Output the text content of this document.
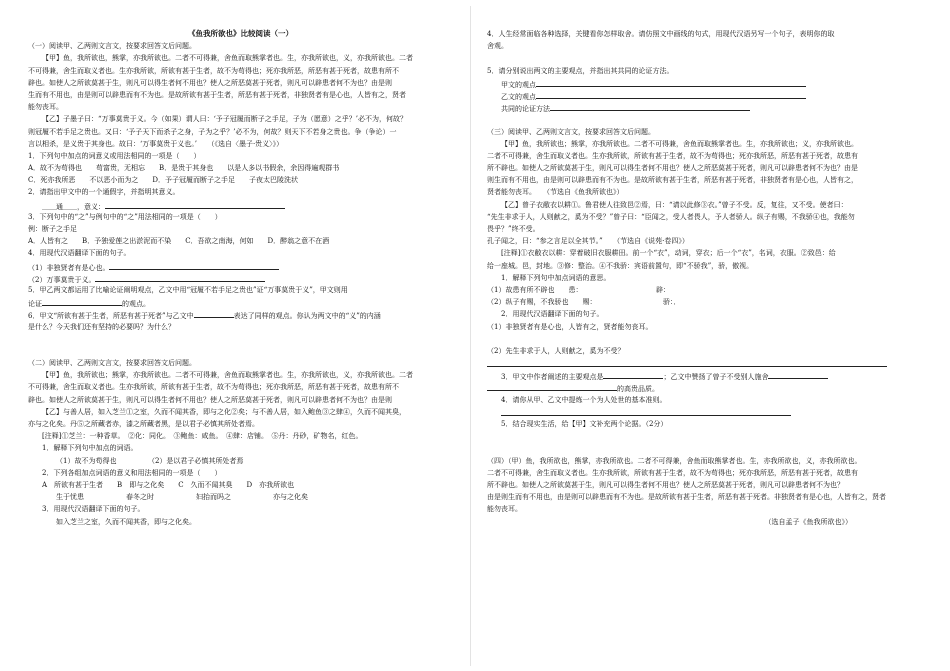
《鱼我所欲也》比较阅读（一）
（一）阅读甲、乙两则文言文，按要求回答文后问题。
【甲】鱼，我所欲也，熊掌，亦我所欲也。二者不可得兼，舍鱼而取熊掌者也。生，亦我所欲也，义，亦我所欲也。二者
不可得兼，舍生而取义者也。生亦我所欲，所欲有甚于生者，故不为苟得也；死亦我所恶，所恶有甚于死者，故患有所不
辟也。如使人之所欲莫甚于生，则凡可以得生者何不用也？使人之所恶莫甚于死者，则凡可以辟患者何不为也？由是则
生而有不用也，由是则可以辟患而有不为也。是故所欲有甚于生者，所恶有甚于死者，非独贤者有是心也，人皆有之，贤者
能勿丧耳。
【乙】子墨子曰：“万事莫贵于义。今（如果）谓人曰：‘予子冠履而断子之手足，子为（愿意）之乎？’必不为，何故？
则冠履不若手足之贵也。又曰：‘予子天下而杀子之身，子为之乎？’必不为，何故？则天下不若身之贵也。争（争论）一
言以相杀，是义贵于其身也。故曰：‘万事莫贵于义也。’　　（《选自〈墨子·贵义〉》）
1．下列句中加点的词意义或用法相同的一项是（　　）
A．故不为苟得也　　苟富贵，无相忘　　B．是贵于其身也　　以是人多以书假余，余因得遍观群书
C．死亦我所恶　　不以恶小而为之　　D．予子冠履而断子之手足　　子夜太巴陵洗状
2．请指出甲文中的一个通假字，并指明其意义。
＿＿通＿＿，意义：
3．下列句中的“之”与例句中的“之”用法相同的一项是（　　）
例：断子之手足
A．人皆有之　　B．予独爱莲之出淤泥而不染　　C．吾欲之南海，何如　　D．醉翁之意不在酒
4．用现代汉语翻译下面的句子。
（1）非独贤者有是心也。
（2）万事莫贵于义。
5．甲乙两文都运用了比喻论证阐明观点，乙文中用“冠履不若手足之贵也”证“万事莫贵于义”，甲文则用
论证	的观点。
6．甲文“所欲有甚于生者，所恶有甚于死者”与乙文中	表达了同样的观点。你认为两文中的“义”的内涵
是什么？今天我们还有坚持的必要吗？为什么？
（二）阅读甲、乙两则文言文，按要求回答文后问题。
【甲】鱼，我所欲也；熊掌，亦我所欲也。二者不可得兼，舍鱼而取熊掌者也。生，亦我所欲也，义，亦我所欲也。二者
不可得兼，舍生而取义者也。生亦我所欲，所欲有甚于生者，故不为苟得也；死亦我所恶，所恶有甚于死者，故患有所不
辟也。如使人之所欲莫甚于生，则凡可以得生者何不用也？使人之所恶莫甚于死者，则凡可以辟患者何不为也？由是则
【乙】与善人居，如入芝兰①之室，久而不闻其香，即与之化②矣；与不善人居，如入鲍鱼③之肆④，久而不闻其臭，
亦与之化矣。丹⑤之所藏者赤，漆之所藏者黑，是以君子必慎其所处者焉。
[注释]①芝兰：一种香草。　②化：同化。　③鲍鱼：咸鱼。　④肆：店铺。　⑤丹：丹砂，矿物名，红色。
1．解释下列句中加点的词语。
（1）故不为苟得也　　　　　（2）是以君子必慎其所处者焉
2．下列各组加点词语的意义和用法相同的一项是（　　）
A　所欲有甚于生者　　B　即与之化矣　　C　久而不闻其臭　　D　亦我所欲也
生于忧患　　　　　　春冬之时　　　　　　妇抬而吗之　　　　　　亦与之化矣
3．用现代汉语翻译下面的句子。
如入芝兰之室，久而不闻其香，即与之化矣。
4．人生经常面临各种选择，关键看你怎样取舍。请仿照文中画线的句式，用现代汉语另写一个句子，表明你的取
舍观。
5．请分别说出两文的主要观点，并指出其共同的论证方法。
甲文的观点
乙文的观点
共同的论证方法
（三）阅读甲、乙两则文言文，按要求回答文后问题。
【甲】鱼，我所欲也；熊掌，亦我所欲也。二者不可得兼，舍鱼而取熊掌者也。生，亦我所欲也；义，亦我所欲也。
二者不可得兼，舍生而取义者也。生亦我所欲，所欲有甚于生者，故不为苟得也；死亦我所恶，所恶有甚于死者，故患有
所不辟也。如使人之所欲莫甚于生，则凡可以得生者何不用也？使人之所恶莫甚于死者，则凡可以辟患者何不为也？由是
则生而有不用也，由是则可以辟患而有不为也。是故所欲有甚于生者，所恶有甚于死者，非独贤者有是心也，人皆有之，
贤者能勿丧耳。　　（节选自《鱼我所欲也》）
【乙】曾子衣敝衣以耕①。鲁君使人往致邑②焉，曰：“请以此修③衣。”曾子不受。反，复往，又不受。使者曰：
“先生非求于人，人则献之，奚为不受？”曾子曰：“臣闻之，受人者畏人，予人者骄人。纵子有赐，不我骄④也，我能勿
畏乎？”终不受。
孔子闻之，曰：“参之言足以全其节。”　　（节选自《说苑·卷四》）
[注释]①衣敝衣以耕：穿着破旧衣服耕田。前一个“衣”，动词，穿衣；后一个“衣”，名词，衣服。②致邑：给
给一座城。邑，封地。③修：整治。④不我骄：宾语前置句，即“不骄我”，骄，傲视。
1．解释下列句中加点词语的意思。
（1）故患有所不辟也　　患：　　　　　　　　　　　辟：
（2）纵子有赐，不我骄也　　赐：　　　　　　　　　　骄：．
2．用现代汉语翻译下面的句子。
（1）非独贤者有是心也，人皆有之，贤者能勿丧耳。
（2）先生非求于人，人则献之，奚为不受？
3．甲文中作者阐述的主要观点是	；乙文中赞扬了曾子不受别人施舍
的高贵品质。
4．请你从甲、乙文中提炼一个为人处世的基本准则。
5．结合现实生活，给【甲】文补充两个论据。（2分）
（四）（甲）鱼，我所欲也，熊掌，亦我所欲也。二者不可得兼，舍鱼而取熊掌者也。生，亦我所欲也，义，亦我所欲也。
二者不可得兼，舍生而取义者也。生亦我所欲，所欲有甚于生者，故不为苟得也；死亦我所恶，所恶有甚于死者，故患有
所不辟也。如使人之所欲莫甚于生，则凡可以得生者何不用也？使人之所恶莫甚于死者，则凡可以辟患者何不为也？
由是则生而有不用也，由是则可以辟患而有不为也。是故所欲有甚于生者，所恶有甚于死者。非独贤者有是心也，人皆有之，贤者
能勿丧耳。
（选自孟子《鱼我所欲也》）
